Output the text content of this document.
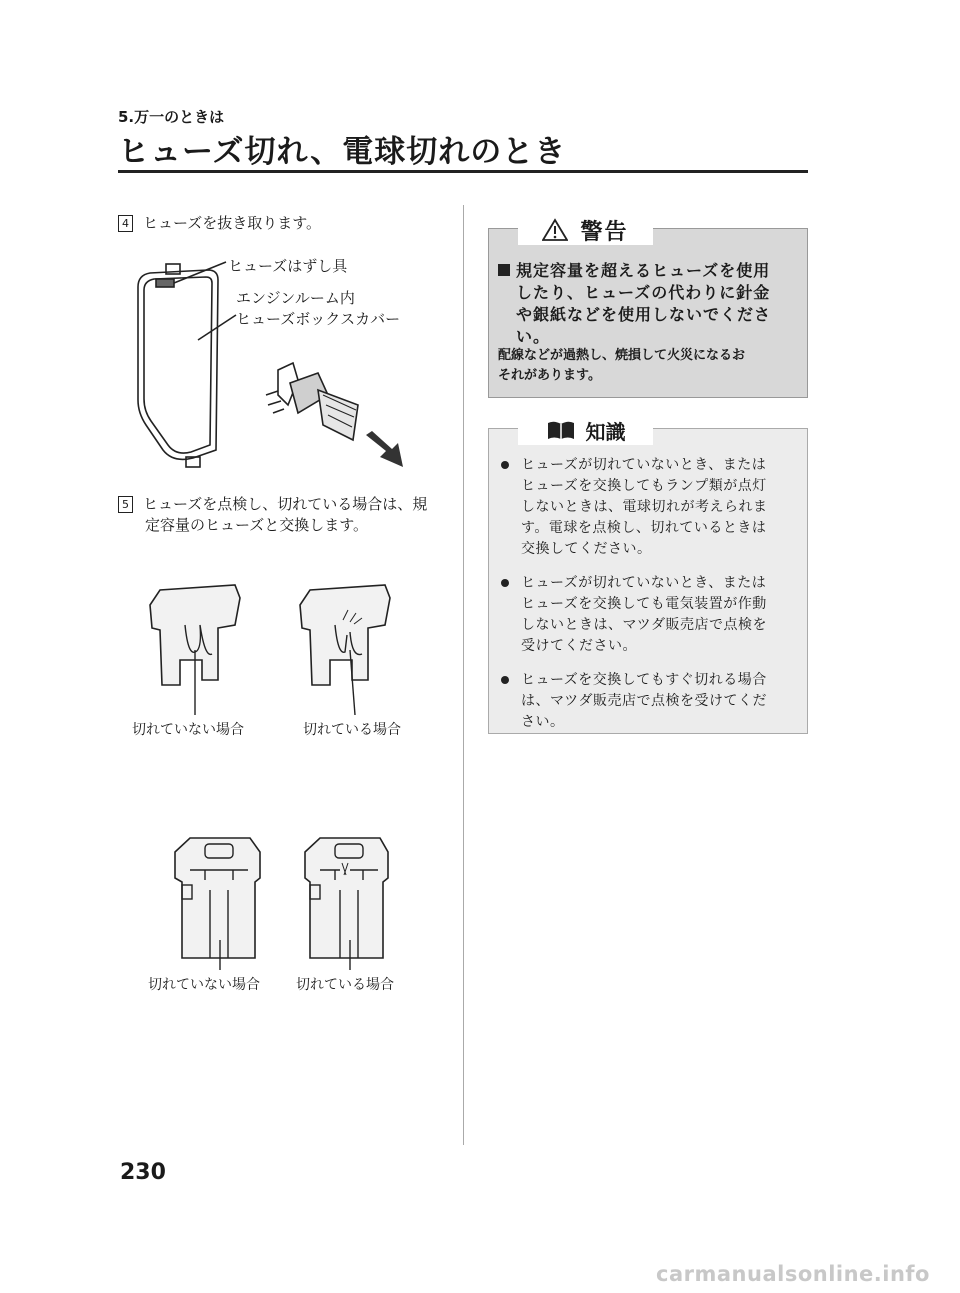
5.万一のときは
ヒューズ切れ、電球切れのとき
4 ヒューズを抜き取ります。
ヒューズはずし具
エンジンルーム内
ヒューズボックスカバー
5 ヒューズを点検し、切れている場合は、規
定容量のヒューズと交換します。
切れていない場合	切れている場合
切れていない場合	切れている場合
警告
規定容量を超えるヒューズを使用
したり、ヒューズの代わりに針金
や銀紙などを使用しないでくださ
い。
配線などが過熱し、焼損して火災になるお
それがあります。
知識
ヒューズが切れていないとき、または
ヒューズを交換してもランプ類が点灯
しないときは、電球切れが考えられま
す。電球を点検し、切れているときは
交換してください。
ヒューズが切れていないとき、または
ヒューズを交換しても電気装置が作動
しないときは、マツダ販売店で点検を
受けてください。
ヒューズを交換してもすぐ切れる場合
は、マツダ販売店で点検を受けてくだ
さい。
230
carmanualsonline.info
